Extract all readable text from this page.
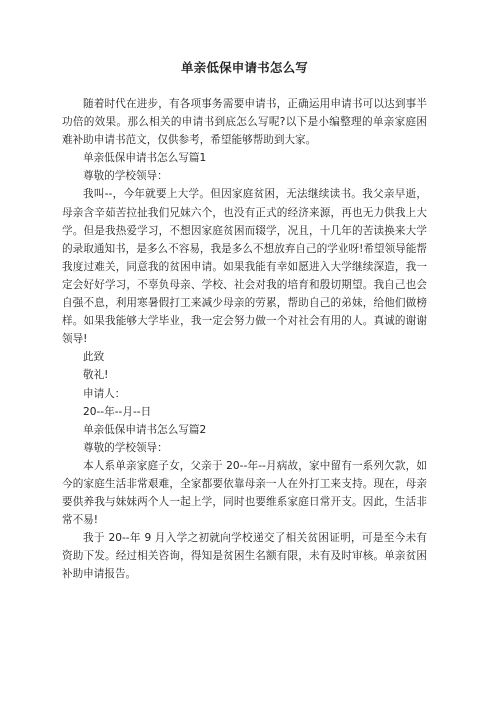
单亲低保申请书怎么写

随着时代在进步，有各项事务需要申请书，正确运用申请书可以达到事半功倍的效果。那么相关的申请书到底怎么写呢?以下是小编整理的单亲家庭困难补助申请书范文，仅供参考，希望能够帮助到大家。

单亲低保申请书怎么写篇1

尊敬的学校领导：

我叫--，今年就要上大学。但因家庭贫困，无法继续读书。我父亲早逝，母亲含辛茹苦拉扯我们兄妹六个，也没有正式的经济来源，再也无力供我上大学。但是我热爱学习，不想因家庭贫困而辍学，况且，十几年的苦读换来大学的录取通知书，是多么不容易，我是多么不想放弃自己的学业呀!希望领导能帮我度过难关，同意我的贫困申请。如果我能有幸如愿进入大学继续深造，我一定会好好学习，不辜负母亲、学校、社会对我的培育和殷切期望。我自己也会自强不息，利用寒暑假打工来减少母亲的劳累，帮助自己的弟妹，给他们做榜样。如果我能够大学毕业，我一定会努力做一个对社会有用的人。真诚的谢谢领导!

此致

敬礼!

申请人：

20--年--月--日

单亲低保申请书怎么写篇2

尊敬的学校领导：

本人系单亲家庭子女，父亲于 20--年--月病故，家中留有一系列欠款，如今的家庭生活非常艰难，全家都要依靠母亲一人在外打工来支持。现在，母亲要供养我与妹妹两个人一起上学，同时也要维系家庭日常开支。因此，生活非常不易!

我于 20--年 9 月入学之初就向学校递交了相关贫困证明，可是至今未有资助下发。经过相关咨询，得知是贫困生名额有限，未有及时审核。单亲贫困补助申请报告。
